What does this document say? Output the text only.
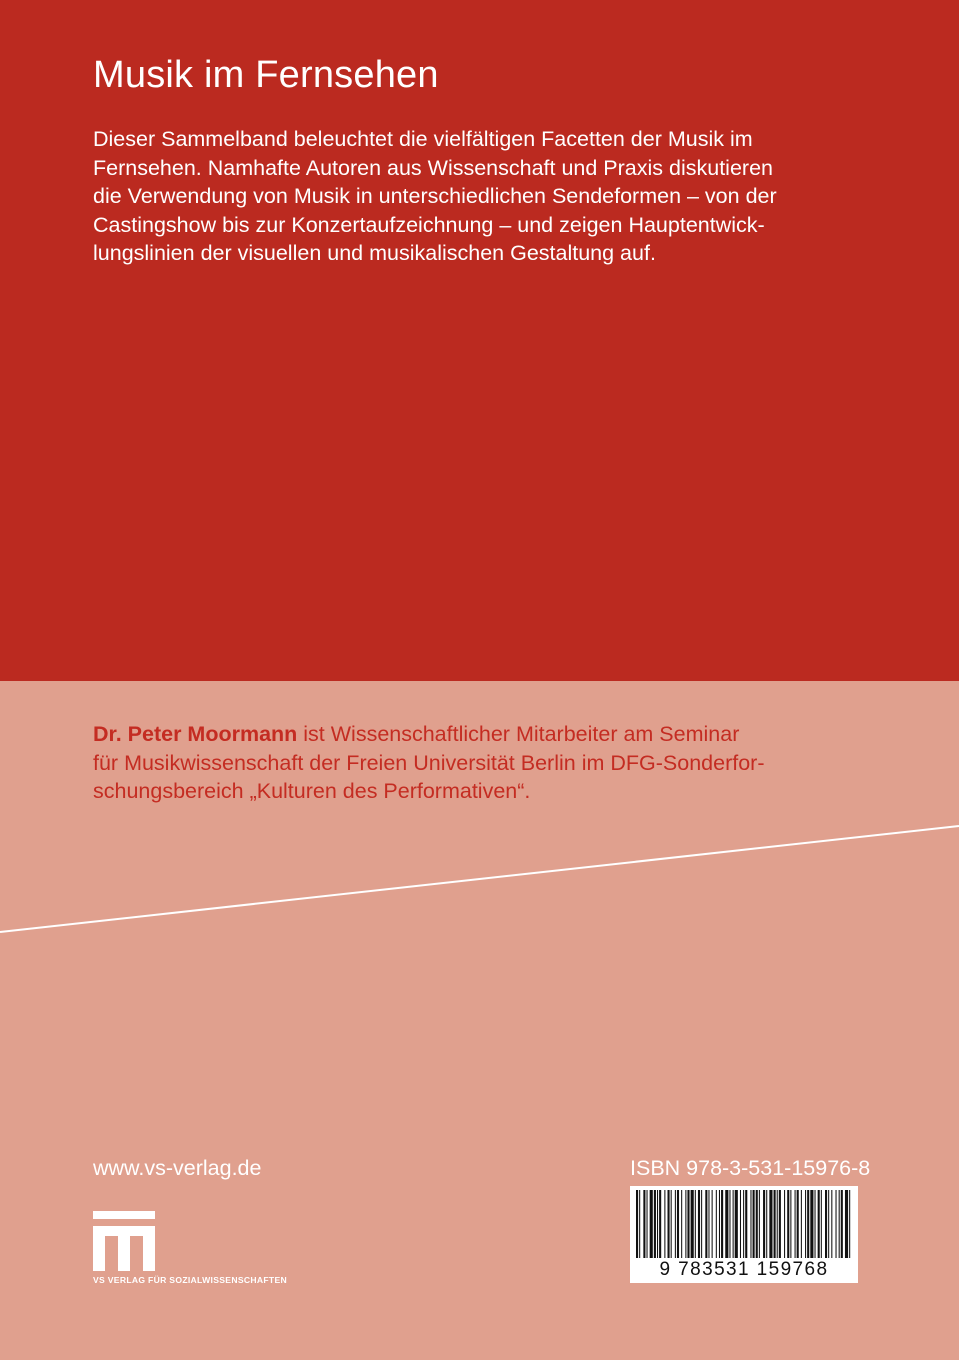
Musik im Fernsehen

Dieser Sammelband beleuchtet die vielfältigen Facetten der Musik im
Fernsehen. Namhafte Autoren aus Wissenschaft und Praxis diskutieren
die Verwendung von Musik in unterschiedlichen Sendeformen – von der
Castingshow bis zur Konzertaufzeichnung – und zeigen Hauptentwick-
lungslinien der visuellen und musikalischen Gestaltung auf.

Dr. Peter Moormann ist Wissenschaftlicher Mitarbeiter am Seminar
für Musikwissenschaft der Freien Universität Berlin im DFG-Sonderfor-
schungsbereich „Kulturen des Performativen“.

www.vs-verlag.de	ISBN 978-3-531-15976-8

9 783531 159768

VS VERLAG FÜR SOZIALWISSENSCHAFTEN
